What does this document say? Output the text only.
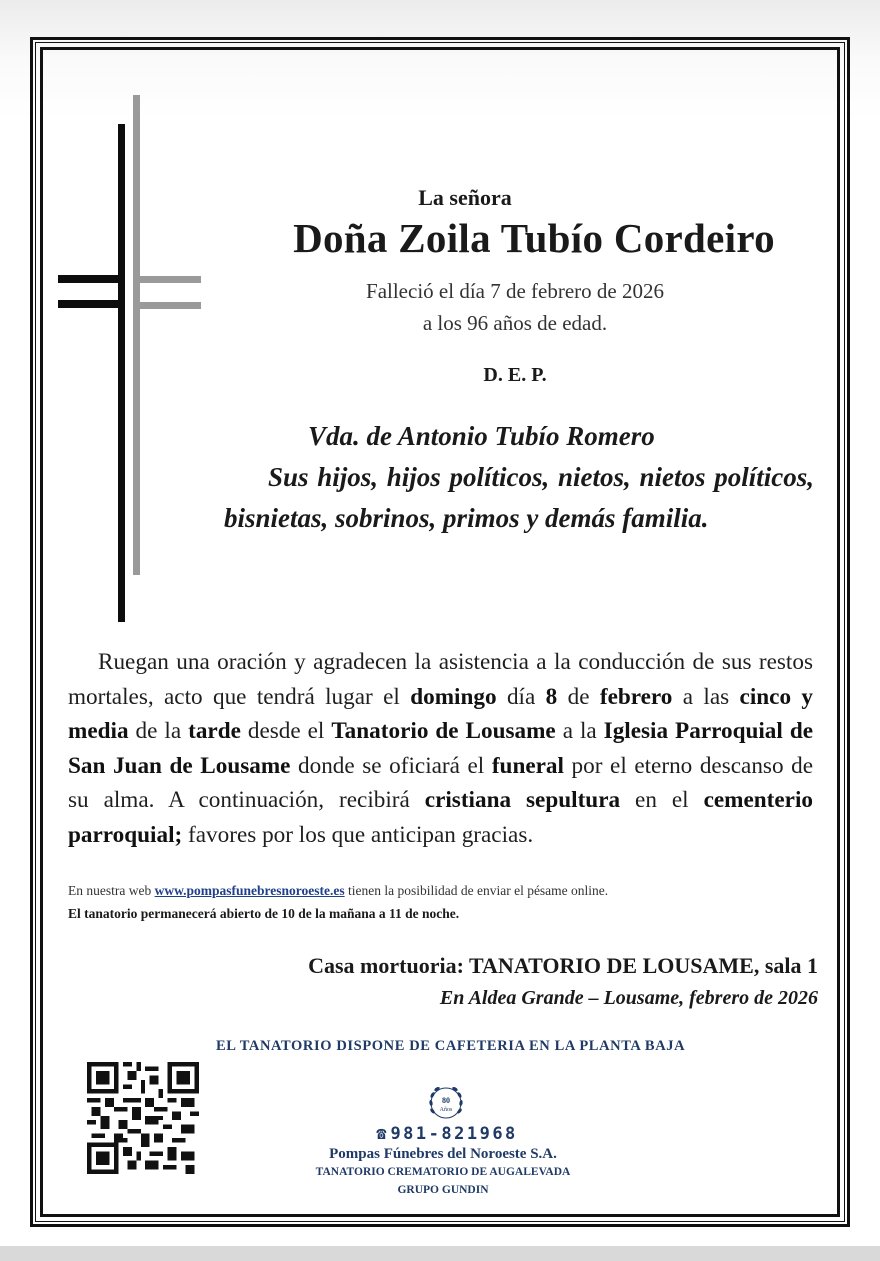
La señora
Doña Zoila Tubío Cordeiro
Falleció el día 7 de febrero de 2026
a los 96 años de edad.
D. E. P.
Vda. de Antonio Tubío Romero
Sus hijos, hijos políticos, nietos, nietos políticos, bisnietas, sobrinos, primos y demás familia.
Ruegan una oración y agradecen la asistencia a la conducción de sus restos mortales, acto que tendrá lugar el domingo día 8 de febrero a las cinco y media de la tarde desde el Tanatorio de Lousame a la Iglesia Parroquial de San Juan de Lousame donde se oficiará el funeral por el eterno descanso de su alma. A continuación, recibirá cristiana sepultura en el cementerio parroquial; favores por los que anticipan gracias.
En nuestra web www.pompasfunebresnoroeste.es tienen la posibilidad de enviar el pésame online.
El tanatorio permanecerá abierto de 10 de la mañana a 11 de noche.
Casa mortuoria: TANATORIO DE LOUSAME, sala 1
En Aldea Grande – Lousame, febrero de 2026
EL TANATORIO DISPONE DE CAFETERIA EN LA PLANTA BAJA
80
Años
☎ 981-821968
Pompas Fúnebres del Noroeste S.A.
TANATORIO CREMATORIO DE AUGALEVADA
GRUPO GUNDIN
